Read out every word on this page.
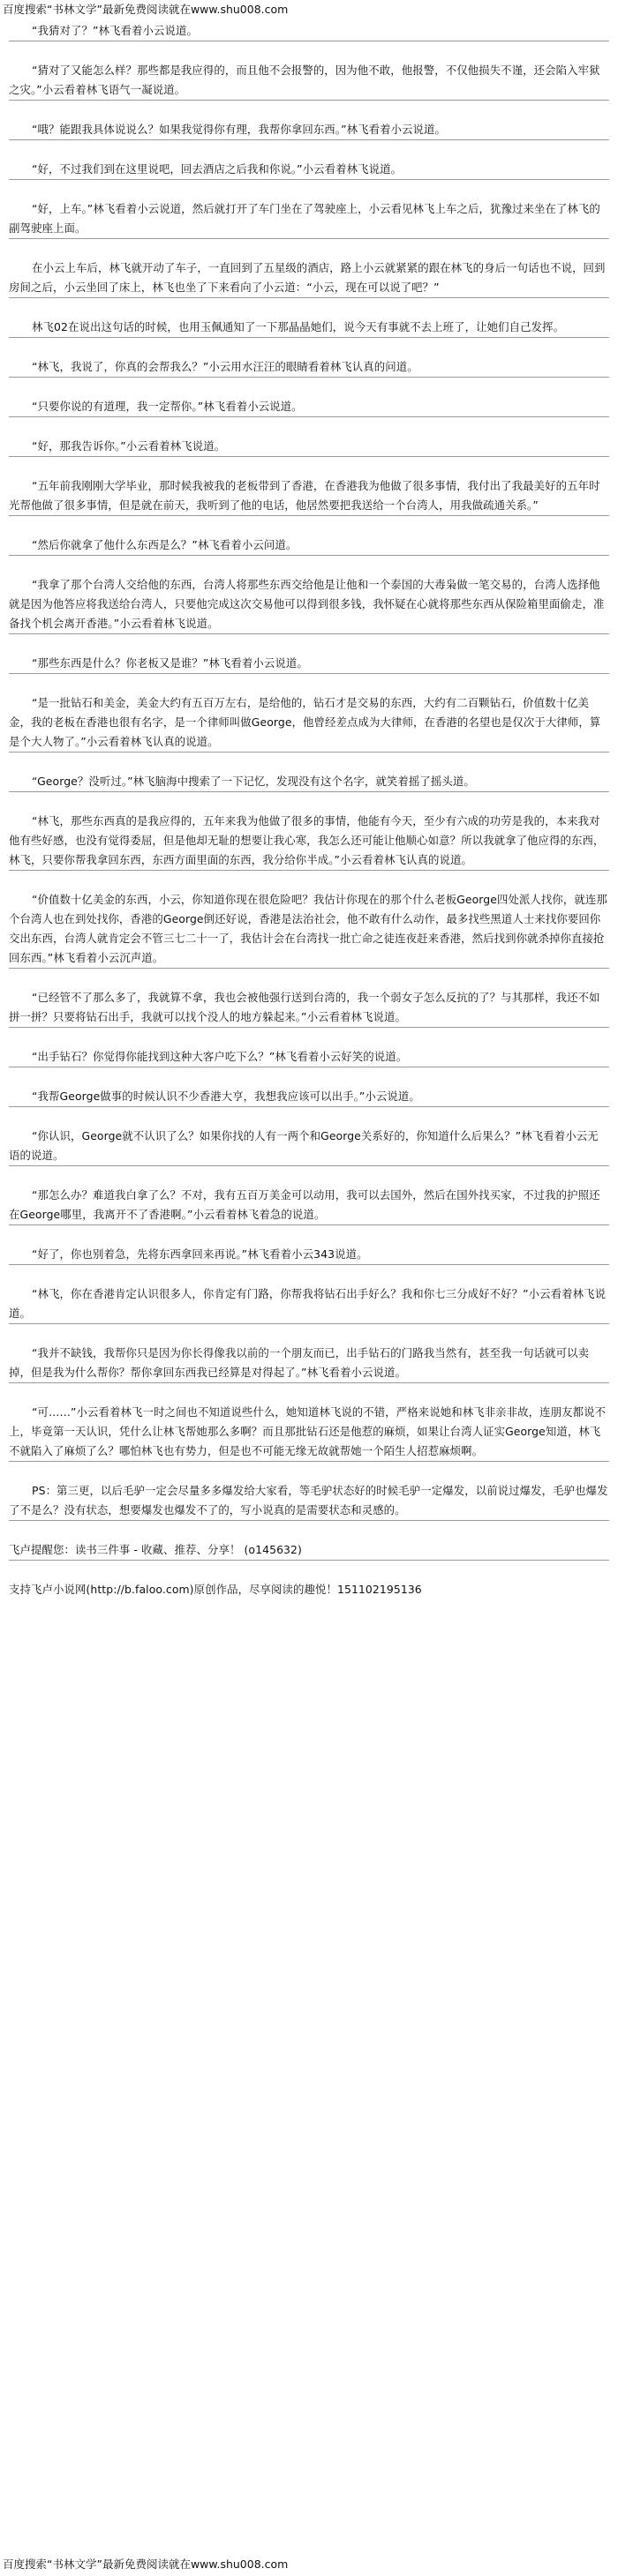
百度搜索“书林文学”最新免费阅读就在www.shu008.com

“我猜对了？”林飞看着小云说道。

“猜对了又能怎么样？那些都是我应得的，而且他不会报警的，因为他不敢，他报警，不仅他损失不谨，还会陷入牢狱之灾。”小云看着林飞语气一凝说道。

“哦？能跟我具体说说么？如果我觉得你有理，我帮你拿回东西。”林飞看着小云说道。

“好，不过我们到在这里说吧，回去酒店之后我和你说。”小云看着林飞说道。

“好，上车。”林飞看着小云说道，然后就打开了车门坐在了驾驶座上，小云看见林飞上车之后，犹豫过来坐在了林飞的副驾驶座上面。

在小云上车后，林飞就开动了车子，一直回到了五星级的酒店，路上小云就紧紧的跟在林飞的身后一句话也不说，回到房间之后，小云坐回了床上，林飞也坐了下来看向了小云道：“小云，现在可以说了吧？”

林飞02在说出这句话的时候，也用玉佩通知了一下那晶晶她们，说今天有事就不去上班了，让她们自己发挥。

“林飞，我说了，你真的会帮我么？”小云用水汪汪的眼睛看着林飞认真的问道。

“只要你说的有道理，我一定帮你。”林飞看着小云说道。

“好，那我告诉你。”小云看着林飞说道。

“五年前我刚刚大学毕业，那时候我被我的老板带到了香港，在香港我为他做了很多事情，我付出了我最美好的五年时光帮他做了很多事情，但是就在前天，我听到了他的电话，他居然要把我送给一个台湾人，用我做疏通关系。”

“然后你就拿了他什么东西是么？”林飞看着小云问道。

“我拿了那个台湾人交给他的东西，台湾人将那些东西交给他是让他和一个泰国的大毒枭做一笔交易的，台湾人选择他就是因为他答应将我送给台湾人，只要他完成这次交易他可以得到很多钱，我怀疑在心就将那些东西从保险箱里面偷走，准备找个机会离开香港。”小云看着林飞说道。

“那些东西是什么？你老板又是谁？”林飞看着小云说道。

“是一批钻石和美金，美金大约有五百万左右，是给他的，钻石才是交易的东西，大约有二百颗钻石，价值数十亿美金，我的老板在香港也很有名字，是一个律师叫做George，他曾经差点成为大律师，在香港的名望也是仅次于大律师，算是个大人物了。”小云看着林飞认真的说道。

“George？没听过。”林飞脑海中搜索了一下记忆，发现没有这个名字，就笑着摇了摇头道。

“林飞，那些东西真的是我应得的，五年来我为他做了很多的事情，他能有今天，至少有六成的功劳是我的，本来我对他有些好感，也没有觉得委屈，但是他却无耻的想要让我心寒，我怎么还可能让他顺心如意？所以我就拿了他应得的东西，林飞，只要你帮我拿回东西，东西方面里面的东西，我分给你半成。”小云看着林飞认真的说道。

“价值数十亿美金的东西，小云，你知道你现在很危险吧？我估计你现在的那个什么老板George四处派人找你，就连那个台湾人也在到处找你，香港的George倒还好说，香港是法治社会，他不敢有什么动作，最多找些黑道人士来找你要回你交出东西，台湾人就肯定会不管三七二十一了，我估计会在台湾找一批亡命之徒连夜赶来香港，然后找到你就杀掉你直接抢回东西。”林飞看着小云沉声道。

“已经管不了那么多了，我就算不拿，我也会被他强行送到台湾的，我一个弱女子怎么反抗的了？与其那样，我还不如拼一拼？只要将钻石出手，我就可以找个没人的地方躲起来。”小云看着林飞说道。

“出手钻石？你觉得你能找到这种大客户吃下么？”林飞看着小云好笑的说道。

“我帮George做事的时候认识不少香港大亨，我想我应该可以出手。”小云说道。

“你认识，George就不认识了么？如果你找的人有一两个和George关系好的，你知道什么后果么？”林飞看着小云无语的说道。

“那怎么办？难道我白拿了么？不对，我有五百万美金可以动用，我可以去国外，然后在国外找买家，不过我的护照还在George哪里，我离开不了香港啊。”小云看着林飞着急的说道。

“好了，你也别着急，先将东西拿回来再说。”林飞看着小云343说道。

“林飞，你在香港肯定认识很多人，你肯定有门路，你帮我将钻石出手好么？我和你七三分成好不好？”小云看着林飞说道。

“我并不缺钱，我帮你只是因为你长得像我以前的一个朋友而已，出手钻石的门路我当然有，甚至我一句话就可以卖掉，但是我为什么帮你？帮你拿回东西我已经算是对得起了。”林飞看着小云说道。

“可……”小云看着林飞一时之间也不知道说些什么，她知道林飞说的不错，严格来说她和林飞非亲非故，连朋友都说不上，毕竟第一天认识，凭什么让林飞帮她那么多啊？而且那批钻石还是他惹的麻烦，如果让台湾人证实George知道，林飞不就陷入了麻烦了么？哪怕林飞也有势力，但是也不可能无缘无故就帮她一个陌生人招惹麻烦啊。

PS：第三更，以后毛驴一定会尽量多多爆发给大家看，等毛驴状态好的时候毛驴一定爆发，以前说过爆发，毛驴也爆发了不是么？没有状态，想要爆发也爆发不了的，写小说真的是需要状态和灵感的。

飞卢提醒您：读书三件事 - 收藏、推荐、分享！ (o145632)

支持飞卢小说网(http://b.faloo.com)原创作品，尽享阅读的趣悦！151102195136

百度搜索“书林文学”最新免费阅读就在www.shu008.com
